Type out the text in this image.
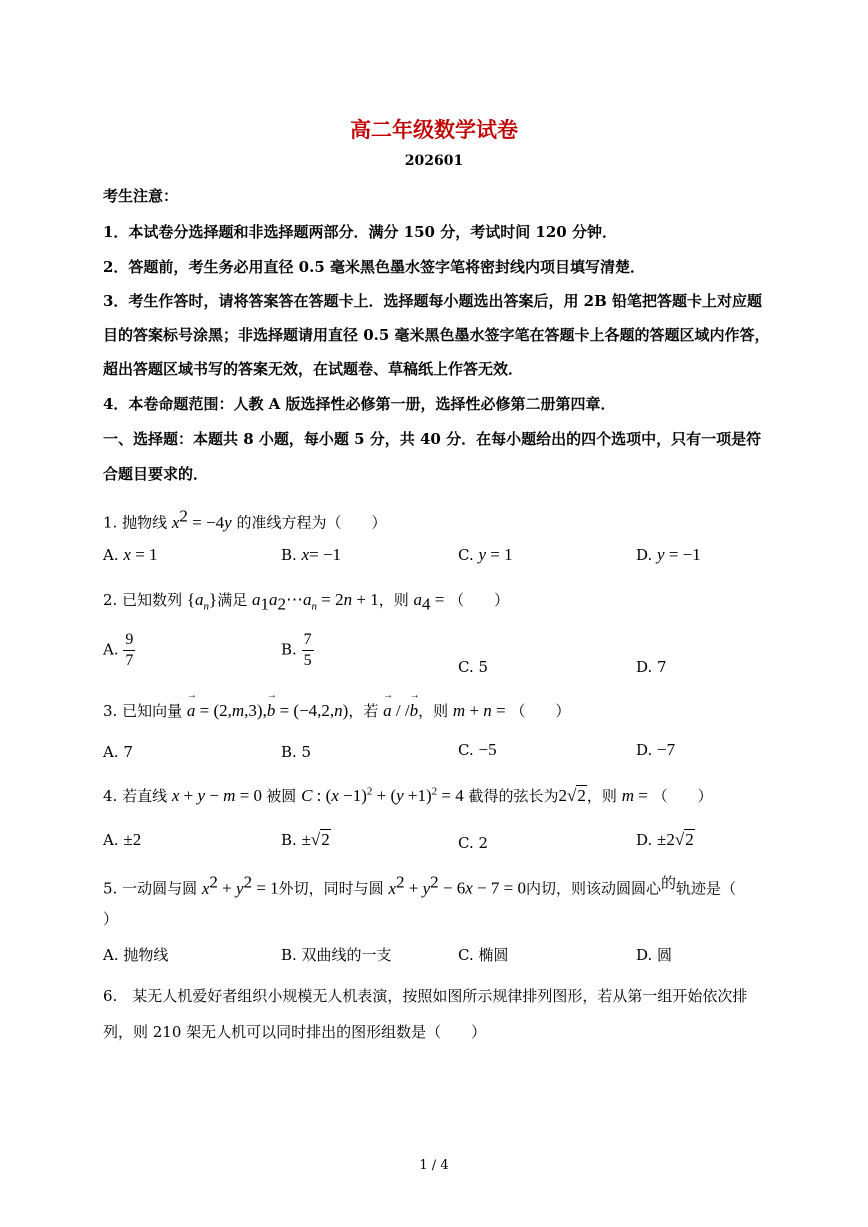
高二年级数学试卷
202601
考生注意：
1．本试卷分选择题和非选择题两部分．满分 150 分，考试时间 120 分钟．
2．答题前，考生务必用直径 0.5 毫米黑色墨水签字笔将密封线内项目填写清楚．
3．考生作答时，请将答案答在答题卡上．选择题每小题选出答案后，用 2B 铅笔把答题卡上对应题
目的答案标号涂黑；非选择题请用直径 0.5 毫米黑色墨水签字笔在答题卡上各题的答题区域内作答，
超出答题区域书写的答案无效，在试题卷、草稿纸上作答无效．
4．本卷命题范围：人教 A 版选择性必修第一册，选择性必修第二册第四章．
一、选择题：本题共 8 小题，每小题 5 分，共 40 分．在每小题给出的四个选项中，只有一项是符
合题目要求的．
1. 抛物线 $x^2 = -4y$ 的准线方程为（　　）
A. x = 1	B. x= −1	C. y = 1	D. y = −1
2. 已知数列 $\{a_n\}$满足 $a_1a_2\cdots a_n = 2n + 1$，则 $a_4$ = （　　）
A. $\frac{9}{7}$	B. $\frac{7}{5}$	C. 5	D. 7
3. 已知向量 → a = (2,m,3),→ b = (−4,2,n)，若 → a / /→ b，则 m + n = （　　）
A. 7	B. 5	C. −5	D. −7
4. 若直线 x + y − m = 0 被圆 C : $(x -1)^2 + (y +1)^2 = 4$ 截得的弦长为2√2，则 m = （　　）
A. ±2	B. ±√2	C. 2	D. ±2√2
5. 一动圆与圆 $x^2 + y^2 = 1$外切，同时与圆 $x^2 + y^2 - 6x - 7 = 0$内切，则该动圆圆心的轨迹是（
）
A. 抛物线	B. 双曲线的一支	C. 椭圆	D. 圆
6.　某无人机爱好者组织小规模无人机表演，按照如图所示规律排列图形，若从第一组开始依次排
列，则 210 架无人机可以同时排出的图形组数是（　　）
1 / 4
